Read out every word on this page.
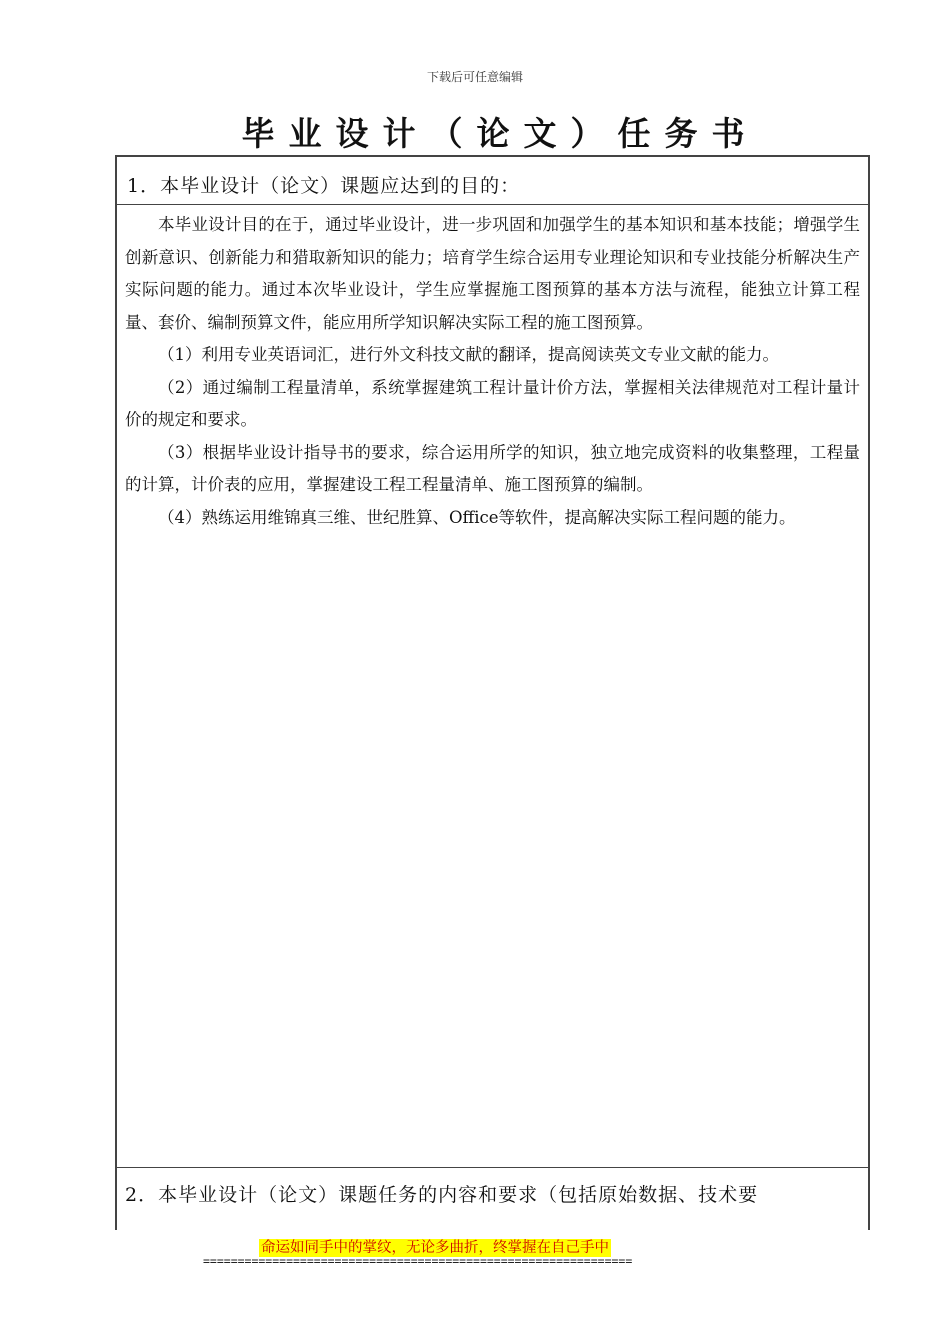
下载后可任意编辑
毕业设计（论文）任务书
1．本毕业设计（论文）课题应达到的目的：

本毕业设计目的在于，通过毕业设计，进一步巩固和加强学生的基本知识和基本技能；增强学生创新意识、创新能力和猎取新知识的能力；培育学生综合运用专业理论知识和专业技能分析解决生产实际问题的能力。通过本次毕业设计，学生应掌握施工图预算的基本方法与流程，能独立计算工程量、套价、编制预算文件，能应用所学知识解决实际工程的施工图预算。

（1）利用专业英语词汇，进行外文科技文献的翻译，提高阅读英文专业文献的能力。

（2）通过编制工程量清单，系统掌握建筑工程计量计价方法，掌握相关法律规范对工程计量计价的规定和要求。

（3）根据毕业设计指导书的要求，综合运用所学的知识，独立地完成资料的收集整理，工程量的计算，计价表的应用，掌握建设工程工程量清单、施工图预算的编制。

（4）熟练运用维锦真三维、世纪胜算、Office等软件，提高解决实际工程问题的能力。

2．本毕业设计（论文）课题任务的内容和要求（包括原始数据、技术要
命运如同手中的掌纹，无论多曲折，终掌握在自己手中
==============================================================
